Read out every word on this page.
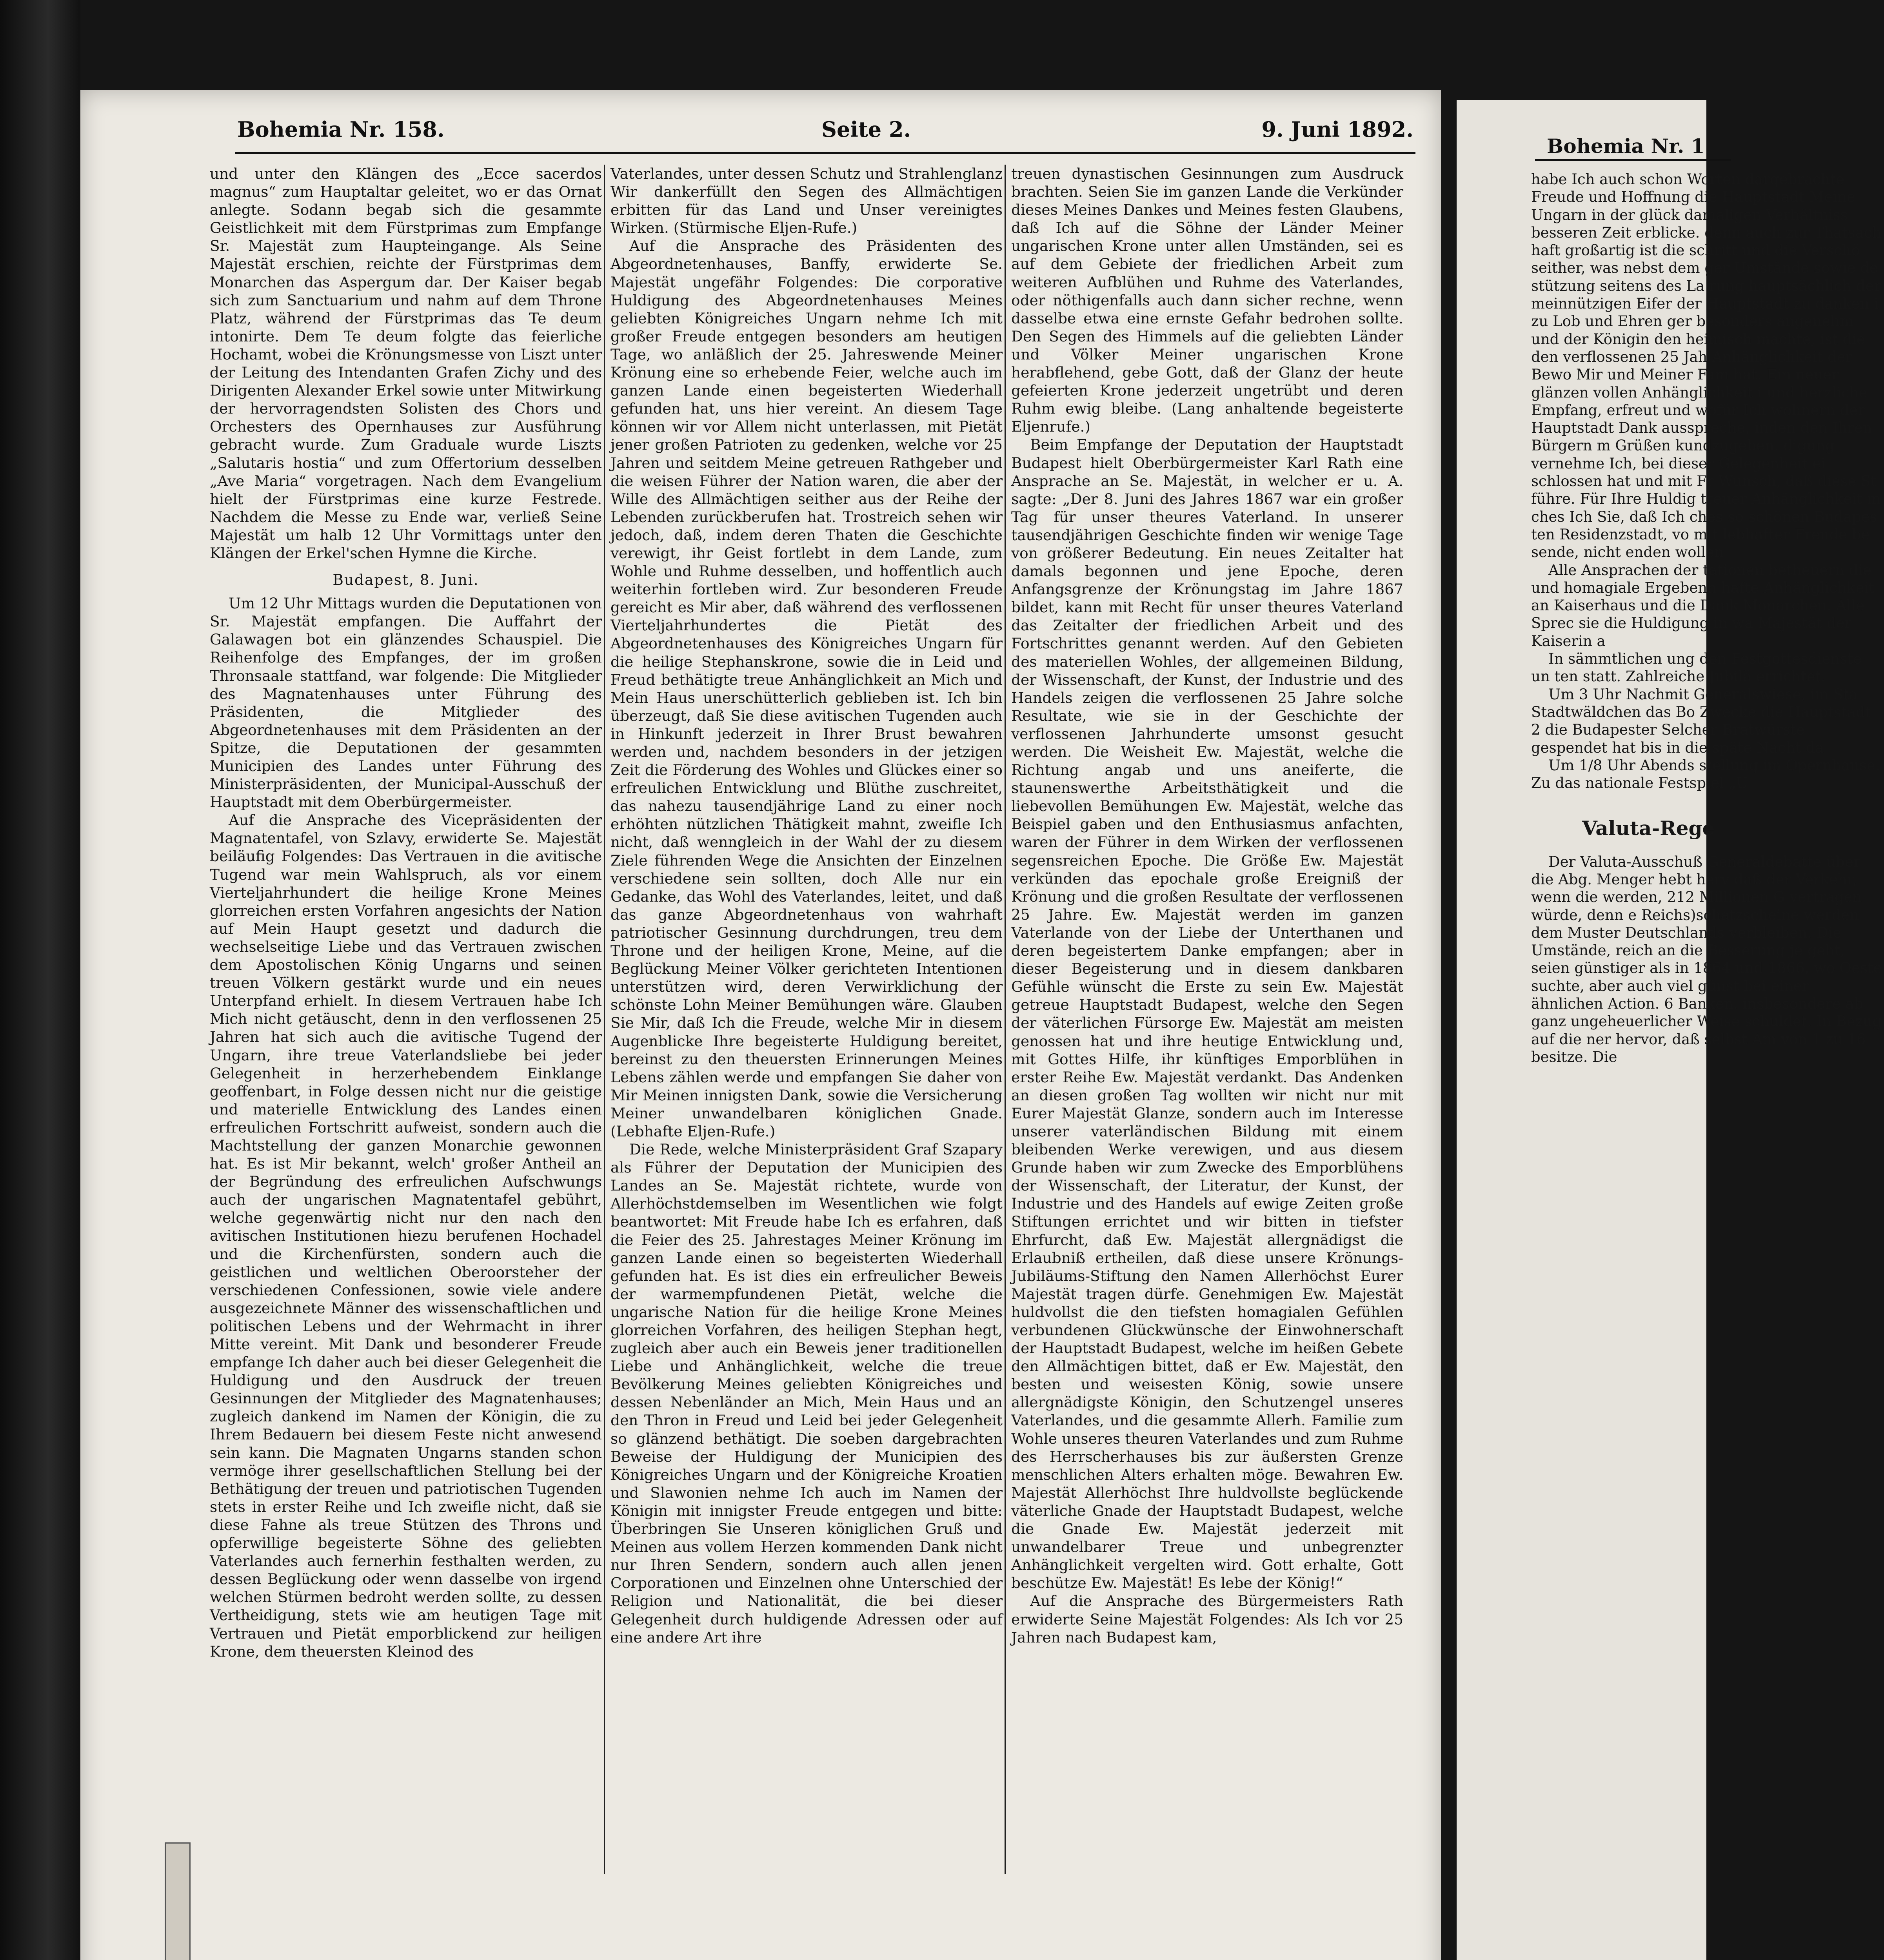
Bohemia Nr. 158.	Seite 2.	9. Juni 1892.

und unter den Klängen des „Ecce sacerdos magnus“ zum Hauptaltar geleitet, wo er das Ornat anlegte. Sodann begab sich die gesammte Geistlichkeit mit dem Fürstprimas zum Empfange Sr. Majestät zum Haupteingange. Als Seine Majestät erschien, reichte der Fürstprimas dem Monarchen das Aspergum dar. Der Kaiser begab sich zum Sanctuarium und nahm auf dem Throne Platz, während der Fürstprimas das Te deum intonirte. Dem Te deum folgte das feierliche Hochamt, wobei die Krönungsmesse von Liszt unter der Leitung des Intendanten Grafen Zichy und des Dirigenten Alexander Erkel sowie unter Mitwirkung der hervorragendsten Solisten des Chors und Orchesters des Opernhauses zur Ausführung gebracht wurde. Zum Graduale wurde Liszts „Salutaris hostia“ und zum Offertorium desselben „Ave Maria“ vorgetragen. Nach dem Evangelium hielt der Fürstprimas eine kurze Festrede. Nachdem die Messe zu Ende war, verließ Seine Majestät um halb 12 Uhr Vormittags unter den Klängen der Erkel'schen Hymne die Kirche.

Budapest, 8. Juni.

Um 12 Uhr Mittags wurden die Deputationen von Sr. Majestät empfangen. Die Auffahrt der Galawagen bot ein glänzendes Schauspiel. Die Reihenfolge des Empfanges, der im großen Thronsaale stattfand, war folgende: Die Mitglieder des Magnatenhauses unter Führung des Präsidenten, die Mitglieder des Abgeordnetenhauses mit dem Präsidenten an der Spitze, die Deputationen der gesammten Municipien des Landes unter Führung des Ministerpräsidenten, der Municipal-Ausschuß der Hauptstadt mit dem Oberbürgermeister.

Auf die Ansprache des Vicepräsidenten der Magnatentafel, von Szlavy, erwiderte Se. Majestät beiläufig Folgendes: Das Vertrauen in die avitische Tugend war mein Wahlspruch, als vor einem Vierteljahrhundert die heilige Krone Meines glorreichen ersten Vorfahren angesichts der Nation auf Mein Haupt gesetzt und dadurch die wechselseitige Liebe und das Vertrauen zwischen dem Apostolischen König Ungarns und seinen treuen Völkern gestärkt wurde und ein neues Unterpfand erhielt. In diesem Vertrauen habe Ich Mich nicht getäuscht, denn in den verflossenen 25 Jahren hat sich auch die avitische Tugend der Ungarn, ihre treue Vaterlandsliebe bei jeder Gelegenheit in herzerhebendem Einklange geoffenbart, in Folge dessen nicht nur die geistige und materielle Entwicklung des Landes einen erfreulichen Fortschritt aufweist, sondern auch die Machtstellung der ganzen Monarchie gewonnen hat. Es ist Mir bekannt, welch' großer Antheil an der Begründung des erfreulichen Aufschwungs auch der ungarischen Magnatentafel gebührt, welche gegenwärtig nicht nur den nach den avitischen Institutionen hiezu berufenen Hochadel und die Kirchenfürsten, sondern auch die geistlichen und weltlichen Oberoorsteher der verschiedenen Confessionen, sowie viele andere ausgezeichnete Männer des wissenschaftlichen und politischen Lebens und der Wehrmacht in ihrer Mitte vereint. Mit Dank und besonderer Freude empfange Ich daher auch bei dieser Gelegenheit die Huldigung und den Ausdruck der treuen Gesinnungen der Mitglieder des Magnatenhauses; zugleich dankend im Namen der Königin, die zu Ihrem Bedauern bei diesem Feste nicht anwesend sein kann. Die Magnaten Ungarns standen schon vermöge ihrer gesellschaftlichen Stellung bei der Bethätigung der treuen und patriotischen Tugenden stets in erster Reihe und Ich zweifle nicht, daß sie diese Fahne als treue Stützen des Throns und opferwillige begeisterte Söhne des geliebten Vaterlandes auch fernerhin festhalten werden, zu dessen Beglückung oder wenn dasselbe von irgend welchen Stürmen bedroht werden sollte, zu dessen Vertheidigung, stets wie am heutigen Tage mit Vertrauen und Pietät emporblickend zur heiligen Krone, dem theuersten Kleinod des

Vaterlandes, unter dessen Schutz und Strahlenglanz Wir dankerfüllt den Segen des Allmächtigen erbitten für das Land und Unser vereinigtes Wirken. (Stürmische Eljen-Rufe.)

Auf die Ansprache des Präsidenten des Abgeordnetenhauses, Banffy, erwiderte Se. Majestät ungefähr Folgendes: Die corporative Huldigung des Abgeordnetenhauses Meines geliebten Königreiches Ungarn nehme Ich mit großer Freude entgegen besonders am heutigen Tage, wo anläßlich der 25. Jahreswende Meiner Krönung eine so erhebende Feier, welche auch im ganzen Lande einen begeisterten Wiederhall gefunden hat, uns hier vereint. An diesem Tage können wir vor Allem nicht unterlassen, mit Pietät jener großen Patrioten zu gedenken, welche vor 25 Jahren und seitdem Meine getreuen Rathgeber und die weisen Führer der Nation waren, die aber der Wille des Allmächtigen seither aus der Reihe der Lebenden zurückberufen hat. Trostreich sehen wir jedoch, daß, indem deren Thaten die Geschichte verewigt, ihr Geist fortlebt in dem Lande, zum Wohle und Ruhme desselben, und hoffentlich auch weiterhin fortleben wird. Zur besonderen Freude gereicht es Mir aber, daß während des verflossenen Vierteljahrhundertes die Pietät des Abgeordnetenhauses des Königreiches Ungarn für die heilige Stephanskrone, sowie die in Leid und Freud bethätigte treue Anhänglichkeit an Mich und Mein Haus unerschütterlich geblieben ist. Ich bin überzeugt, daß Sie diese avitischen Tugenden auch in Hinkunft jederzeit in Ihrer Brust bewahren werden und, nachdem besonders in der jetzigen Zeit die Förderung des Wohles und Glückes einer so erfreulichen Entwicklung und Blüthe zuschreitet, das nahezu tausendjährige Land zu einer noch erhöhten nützlichen Thätigkeit mahnt, zweifle Ich nicht, daß wenngleich in der Wahl der zu diesem Ziele führenden Wege die Ansichten der Einzelnen verschiedene sein sollten, doch Alle nur ein Gedanke, das Wohl des Vaterlandes, leitet, und daß das ganze Abgeordnetenhaus von wahrhaft patriotischer Gesinnung durchdrungen, treu dem Throne und der heiligen Krone, Meine, auf die Beglückung Meiner Völker gerichteten Intentionen unterstützen wird, deren Verwirklichung der schönste Lohn Meiner Bemühungen wäre. Glauben Sie Mir, daß Ich die Freude, welche Mir in diesem Augenblicke Ihre begeisterte Huldigung bereitet, bereinst zu den theuersten Erinnerungen Meines Lebens zählen werde und empfangen Sie daher von Mir Meinen innigsten Dank, sowie die Versicherung Meiner unwandelbaren königlichen Gnade. (Lebhafte Eljen-Rufe.)

Die Rede, welche Ministerpräsident Graf Szapary als Führer der Deputation der Municipien des Landes an Se. Majestät richtete, wurde von Allerhöchstdemselben im Wesentlichen wie folgt beantwortet: Mit Freude habe Ich es erfahren, daß die Feier des 25. Jahrestages Meiner Krönung im ganzen Lande einen so begeisterten Wiederhall gefunden hat. Es ist dies ein erfreulicher Beweis der warmempfundenen Pietät, welche die ungarische Nation für die heilige Krone Meines glorreichen Vorfahren, des heiligen Stephan hegt, zugleich aber auch ein Beweis jener traditionellen Liebe und Anhänglichkeit, welche die treue Bevölkerung Meines geliebten Königreiches und dessen Nebenländer an Mich, Mein Haus und an den Thron in Freud und Leid bei jeder Gelegenheit so glänzend bethätigt. Die soeben dargebrachten Beweise der Huldigung der Municipien des Königreiches Ungarn und der Königreiche Kroatien und Slawonien nehme Ich auch im Namen der Königin mit innigster Freude entgegen und bitte: Überbringen Sie Unseren königlichen Gruß und Meinen aus vollem Herzen kommenden Dank nicht nur Ihren Sendern, sondern auch allen jenen Corporationen und Einzelnen ohne Unterschied der Religion und Nationalität, die bei dieser Gelegenheit durch huldigende Adressen oder auf eine andere Art ihre

treuen dynastischen Gesinnungen zum Ausdruck brachten. Seien Sie im ganzen Lande die Verkünder dieses Meines Dankes und Meines festen Glaubens, daß Ich auf die Söhne der Länder Meiner ungarischen Krone unter allen Umständen, sei es auf dem Gebiete der friedlichen Arbeit zum weiteren Aufblühen und Ruhme des Vaterlandes, oder nöthigenfalls auch dann sicher rechne, wenn dasselbe etwa eine ernste Gefahr bedrohen sollte. Den Segen des Himmels auf die geliebten Länder und Völker Meiner ungarischen Krone herabflehend, gebe Gott, daß der Glanz der heute gefeierten Krone jederzeit ungetrübt und deren Ruhm ewig bleibe. (Lang anhaltende begeisterte Eljenrufe.)

Beim Empfange der Deputation der Hauptstadt Budapest hielt Oberbürgermeister Karl Rath eine Ansprache an Se. Majestät, in welcher er u. A. sagte: „Der 8. Juni des Jahres 1867 war ein großer Tag für unser theures Vaterland. In unserer tausendjährigen Geschichte finden wir wenige Tage von größerer Bedeutung. Ein neues Zeitalter hat damals begonnen und jene Epoche, deren Anfangsgrenze der Krönungstag im Jahre 1867 bildet, kann mit Recht für unser theures Vaterland das Zeitalter der friedlichen Arbeit und des Fortschrittes genannt werden. Auf den Gebieten des materiellen Wohles, der allgemeinen Bildung, der Wissenschaft, der Kunst, der Industrie und des Handels zeigen die verflossenen 25 Jahre solche Resultate, wie sie in der Geschichte der verflossenen Jahrhunderte umsonst gesucht werden. Die Weisheit Ew. Majestät, welche die Richtung angab und uns aneiferte, die staunenswerthe Arbeitsthätigkeit und die liebevollen Bemühungen Ew. Majestät, welche das Beispiel gaben und den Enthusiasmus anfachten, waren der Führer in dem Wirken der verflossenen segensreichen Epoche. Die Größe Ew. Majestät verkünden das epochale große Ereigniß der Krönung und die großen Resultate der verflossenen 25 Jahre. Ew. Majestät werden im ganzen Vaterlande von der Liebe der Unterthanen und deren begeistertem Danke empfangen; aber in dieser Begeisterung und in diesem dankbaren Gefühle wünscht die Erste zu sein Ew. Majestät getreue Hauptstadt Budapest, welche den Segen der väterlichen Fürsorge Ew. Majestät am meisten genossen hat und ihre heutige Entwicklung und, mit Gottes Hilfe, ihr künftiges Emporblühen in erster Reihe Ew. Majestät verdankt. Das Andenken an diesen großen Tag wollten wir nicht nur mit Eurer Majestät Glanze, sondern auch im Interesse unserer vaterländischen Bildung mit einem bleibenden Werke verewigen, und aus diesem Grunde haben wir zum Zwecke des Emporblühens der Wissenschaft, der Literatur, der Kunst, der Industrie und des Handels auf ewige Zeiten große Stiftungen errichtet und wir bitten in tiefster Ehrfurcht, daß Ew. Majestät allergnädigst die Erlaubniß ertheilen, daß diese unsere Krönungs-Jubiläums-Stiftung den Namen Allerhöchst Eurer Majestät tragen dürfe. Genehmigen Ew. Majestät huldvollst die den tiefsten homagialen Gefühlen verbundenen Glückwünsche der Einwohnerschaft der Hauptstadt Budapest, welche im heißen Gebete den Allmächtigen bittet, daß er Ew. Majestät, den besten und weisesten König, sowie unsere allergnädigste Königin, den Schutzengel unseres Vaterlandes, und die gesammte Allerh. Familie zum Wohle unseres theuren Vaterlandes und zum Ruhme des Herrscherhauses bis zur äußersten Grenze menschlichen Alters erhalten möge. Bewahren Ew. Majestät Allerhöchst Ihre huldvollste beglückende väterliche Gnade der Hauptstadt Budapest, welche die Gnade Ew. Majestät jederzeit mit unwandelbarer Treue und unbegrenzter Anhänglichkeit vergelten wird. Gott erhalte, Gott beschütze Ew. Majestät! Es lebe der König!“

Auf die Ansprache des Bürgermeisters Rath erwiderte Seine Majestät Folgendes: Als Ich vor 25 Jahren nach Budapest kam,

Bohemia Nr. 1

habe Ich auch schon Worten dargebrachte Freude und Hoffnung die Hauptstadt Meine Ungarn in der glück damaligen Verhältniss besseren Zeit erblicke. denn auch zur Thatsach haft großartig ist die schritt und die Verschö seither, was nebst dem ger Umstände sowie de stützung seitens des La rung hauptsächlich der meinnützigen Eifer der Hauptstadt zu danken i zu Lob und Ehren ger besonders angenehm und der Königin den heimisch machte, ist die den verflossenen 25 Jah Anhänglichkeit der Bewo Mir und Meiner Fam hat. Ein neuer glänzen vollen Anhänglichkeit i und herzliche Empfang, erfreut und wofür Ich wohnern der Hauptstadt Dank ausspreche, inden den Ihren Bürgern m Grüßen kundzugeben. digung vernehme Ich, bei dieser Gelegenheit ei schlossen hat und mit Fr Wunsch, daß diese St führe. Für Ihre Huldig treuer Anhänglichkeit m ches Ich Sie, daß Ich ches so schönen Budapes ten Residenzstadt, vo mit lebhafter Freude be sende, nicht enden wollen

Alle Ansprachen der tationen betheuern die und homagiale Ergebenh hafte Anhänglichkeit an Kaiserhaus und die Dank Monarchen. Alle Sprec sie die Huldigung in wa Majestät der Kaiserin a

In sämmtlichen ung den Festgottesdienste un ten statt. Zahlreiche Jubilä errichtet.

Um 3 Uhr Nachmit Generalswiese, im Sta Stadtwäldchen das Bo Zwecke die Hauptstadt 2 die Budapester Selcher Bratwürste gespendet hat bis in die späte Nacht da

Um 1/8 Uhr Abends stellung im Opernhause. Zu das nationale Festspiel „U

Valuta-Rege

Der Valuta-Ausschuß Generaldebatte über die Abg. Menger hebt herv daß der Verkehr, wenn die werden, 212 Millionen G vertragen würde, denn e Reichs)schatzscheine werden dem Muster Deutschlands verbleiben. Die Umstände, reich an die Besserung je geht, seien günstiger als in 1864 und 1866, wo Oeste suchte, aber auch viel günst bei einer ähnlichen Action. 6 Banken, insbesondere ab ganz ungeheuerlicher Weise schuldet. In Bezug auf die ner hervor, daß selbst Am von 1 zu 16 besitze. Die
